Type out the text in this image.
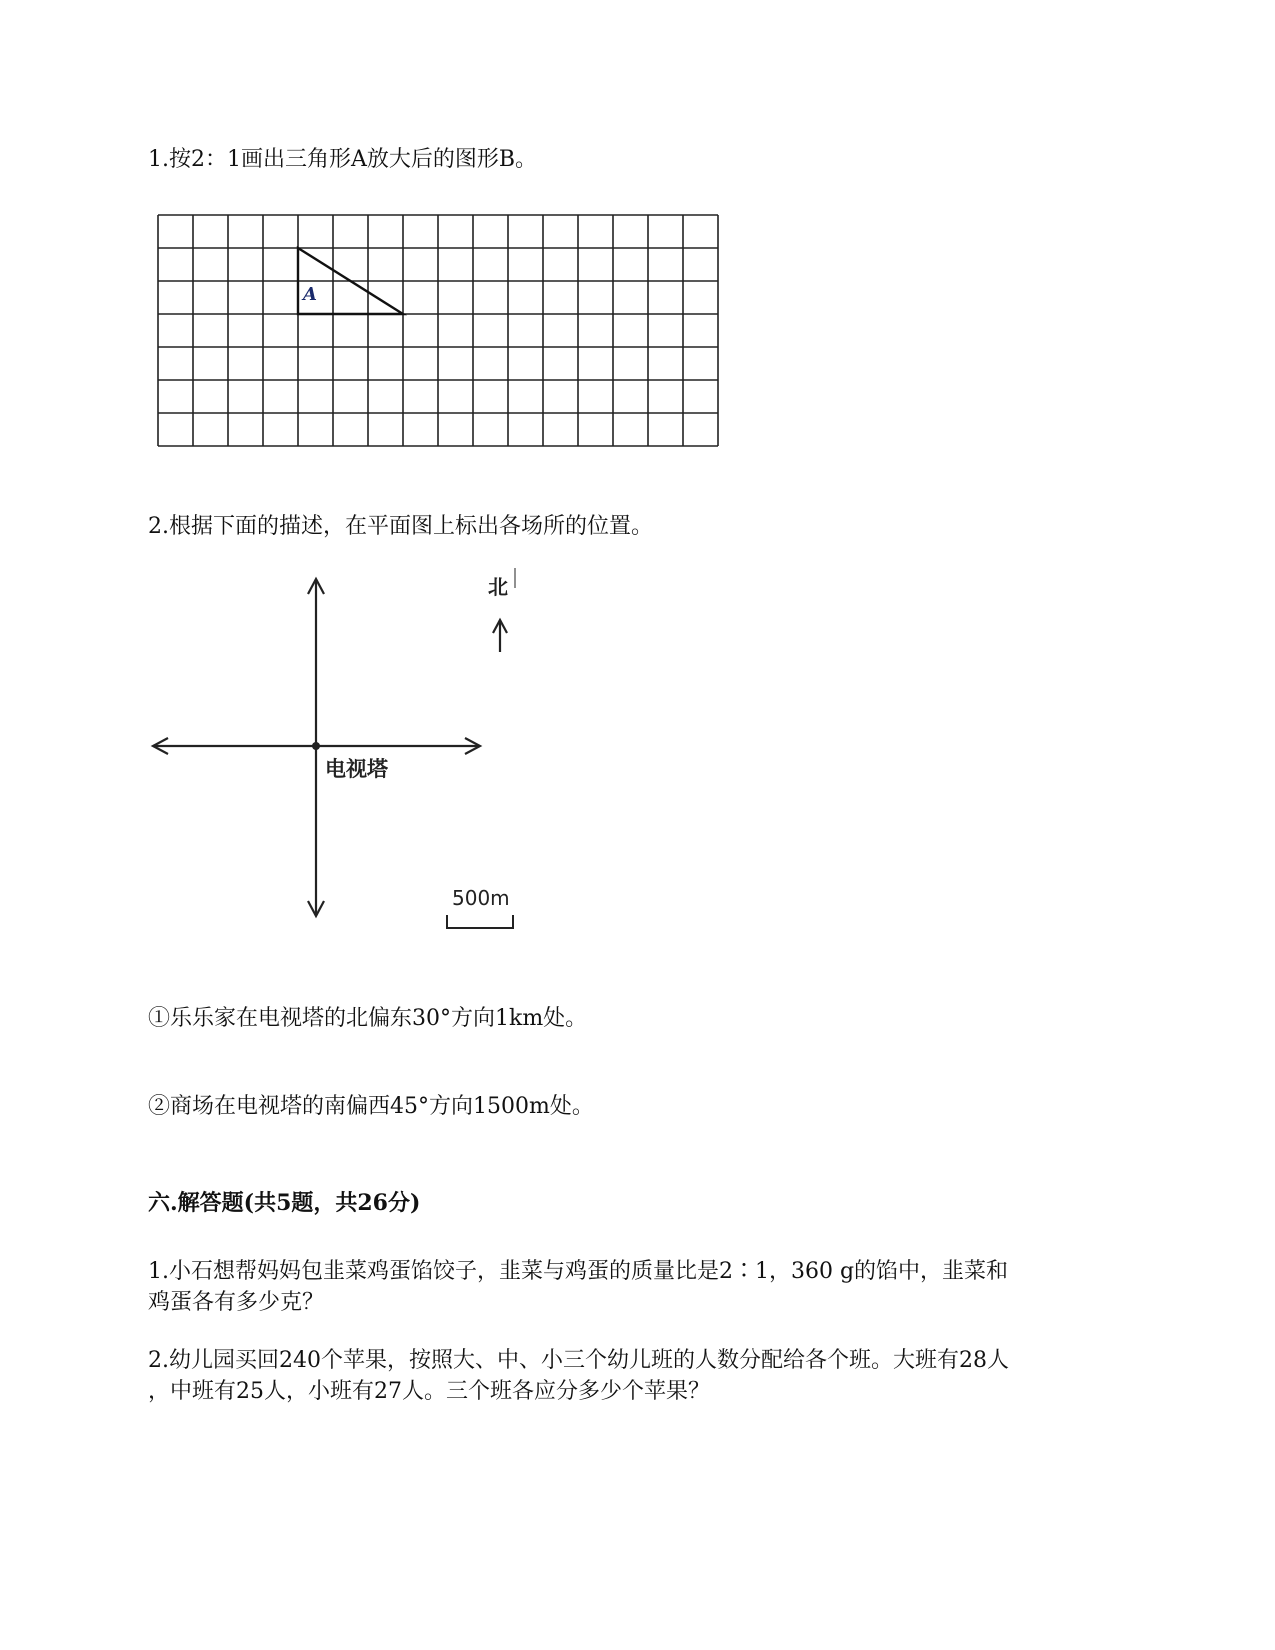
1.按2：1画出三角形A放大后的图形B。
A
电视塔
北
500m
2.根据下面的描述，在平面图上标出各场所的位置。
①乐乐家在电视塔的北偏东30°方向1km处。
②商场在电视塔的南偏西45°方向1500m处。
六.解答题(共5题，共26分)
1.小石想帮妈妈包韭菜鸡蛋馅饺子，韭菜与鸡蛋的质量比是2∶1，360 g的馅中，韭菜和
鸡蛋各有多少克？
2.幼儿园买回240个苹果，按照大、中、小三个幼儿班的人数分配给各个班。大班有28人
，中班有25人，小班有27人。三个班各应分多少个苹果？
